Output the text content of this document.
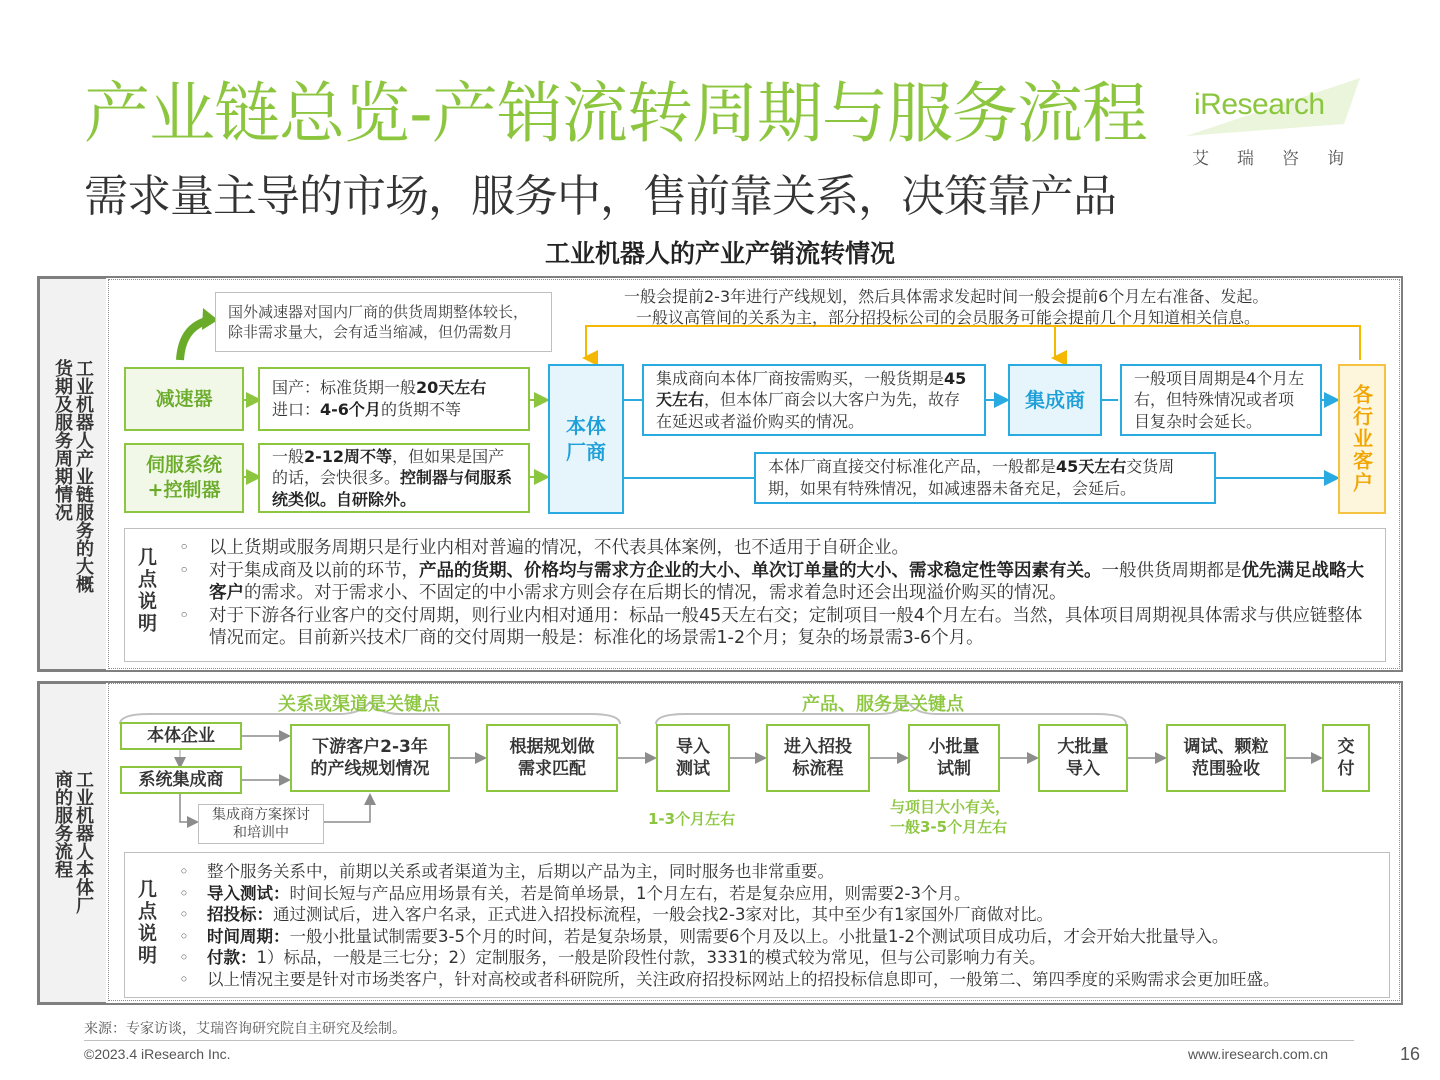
产业链总览-产销流转周期与服务流程
需求量主导的市场，服务中，售前靠关系，决策靠产品
iResearch
艾瑞咨询
工业机器人的产业产销流转情况
工业机器人产业链服务的大概货期及服务周期情况
国外减速器对国内厂商的供货周期整体较长，除非需求量大，会有适当缩减，但仍需数月
一般会提前2-3年进行产线规划，然后具体需求发起时间一般会提前6个月左右准备、发起。
一般议高管间的关系为主，部分招投标公司的会员服务可能会提前几个月知道相关信息。
减速器	国产：标准货期一般20天左右
进口：4-6个月的货期不等
伺服系统
+控制器
一般2-12周不等，但如果是国产的话，会快很多。控制器与伺服系统类似。自研除外。
本体厂商
集成商向本体厂商按需购买，一般货期是45天左右，但本体厂商会以大客户为先，故存在延迟或者溢价购买的情况。
集成商
一般项目周期是4个月左右，但特殊情况或者项目复杂时会延长。	各行业客户
本体厂商直接交付标准化产品，一般都是45天左右交货周期，如果有特殊情况，如减速器未备充足，会延后。
几点说明
◦	以上货期或服务周期只是行业内相对普遍的情况，不代表具体案例，也不适用于自研企业。
◦ 对于集成商及以前的环节，产品的货期、价格均与需求方企业的大小、单次订单量的大小、需求稳定性等因素有关。一般供货周期都是优先满足战略大客户的需求。对于需求小、不固定的中小需求方则会存在后期长的情况，需求着急时还会出现溢价购买的情况。
◦ 对于下游各行业客户的交付周期，则行业内相对通用：标品一般45天左右交；定制项目一般4个月左右。当然，具体项目周期视具体需求与供应链整体情况而定。目前新兴技术厂商的交付周期一般是：标准化的场景需1-2个月；复杂的场景需3-6个月。
工业机器人本体厂商的服务流程
关系或渠道是关键点	产品、服务是关键点
本体企业
系统集成商
集成商方案探讨和培训中
下游客户2-3年的产线规划情况
根据规划做需求匹配
导入测试
进入招投标流程
小批量试制
大批量导入
调试、颗粒范围验收
交付
1-3个月左右
与项目大小有关，
一般3-5个月左右
几点说明
◦ 整个服务关系中，前期以关系或者渠道为主，后期以产品为主，同时服务也非常重要。
◦ 导入测试：时间长短与产品应用场景有关，若是简单场景，1个月左右，若是复杂应用，则需要2-3个月。
◦ 招投标：通过测试后，进入客户名录，正式进入招投标流程，一般会找2-3家对比，其中至少有1家国外厂商做对比。
◦ 时间周期：一般小批量试制需要3-5个月的时间，若是复杂场景，则需要6个月及以上。小批量1-2个测试项目成功后，才会开始大批量导入。
◦ 付款：1）标品，一般是三七分；2）定制服务，一般是阶段性付款，3331的模式较为常见，但与公司影响力有关。
◦ 以上情况主要是针对市场类客户，针对高校或者科研院所，关注政府招投标网站上的招投标信息即可，一般第二、第四季度的采购需求会更加旺盛。
来源：专家访谈，艾瑞咨询研究院自主研究及绘制。
©2023.4 iResearch Inc.	www.iresearch.com.cn	16
